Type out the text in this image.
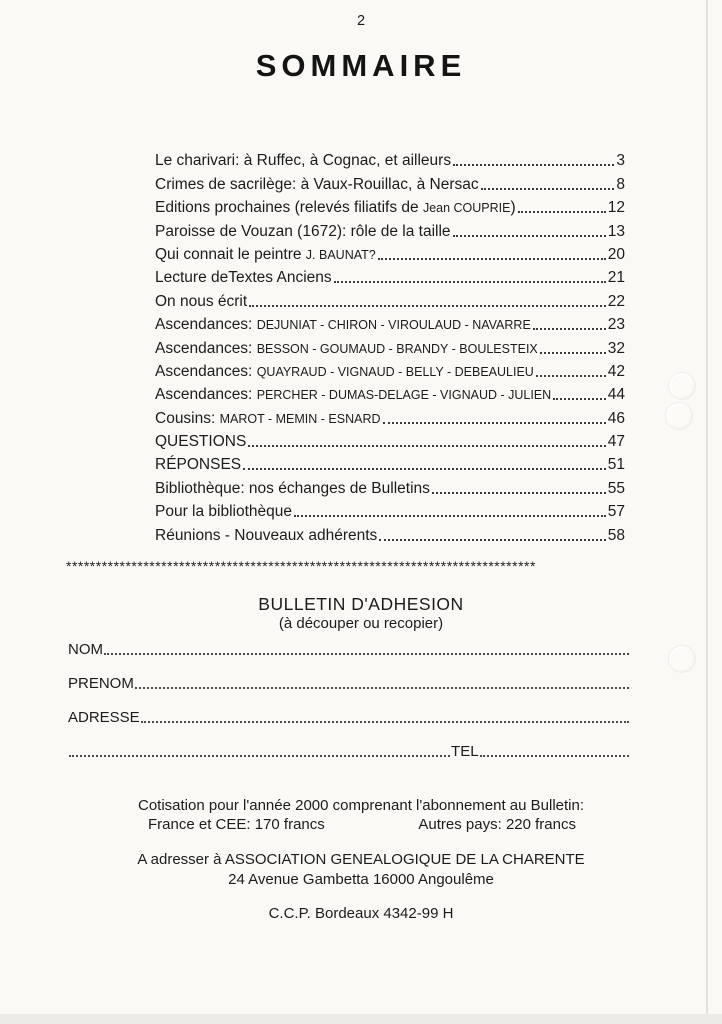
2
SOMMAIRE
Le charivari: à Ruffec, à Cognac, et ailleurs	3
Crimes de sacrilège: à Vaux-Rouillac, à Nersac	8
Editions prochaines (relevés filiatifs de Jean COUPRIE)	12
Paroisse de Vouzan (1672): rôle de la taille	13
Qui connait le peintre J. BAUNAT?	20
Lecture deTextes Anciens	21
On nous écrit	22
Ascendances: DEJUNIAT - CHIRON - VIROULAUD - NAVARRE	23
Ascendances: BESSON - GOUMAUD - BRANDY - BOULESTEIX	32
Ascendances: QUAYRAUD - VIGNAUD - BELLY - DEBEAULIEU	42
Ascendances: PERCHER - DUMAS-DELAGE - VIGNAUD - JULIEN	44
Cousins: MAROT - MEMIN - ESNARD	46
QUESTIONS	47
RÉPONSES	51
Bibliothèque: nos échanges de Bulletins	55
Pour la bibliothèque	57
Réunions - Nouveaux adhérents	58
*******************************************************************************
BULLETIN D'ADHESION
(à découper ou recopier)
NOM
PRENOM
ADRESSE
TEL
Cotisation pour l'année 2000 comprenant l'abonnement au Bulletin:
France et CEE: 170 francs	Autres pays: 220 francs
A adresser à ASSOCIATION GENEALOGIQUE DE LA CHARENTE
24 Avenue Gambetta 16000 Angoulême
C.C.P. Bordeaux 4342-99 H
